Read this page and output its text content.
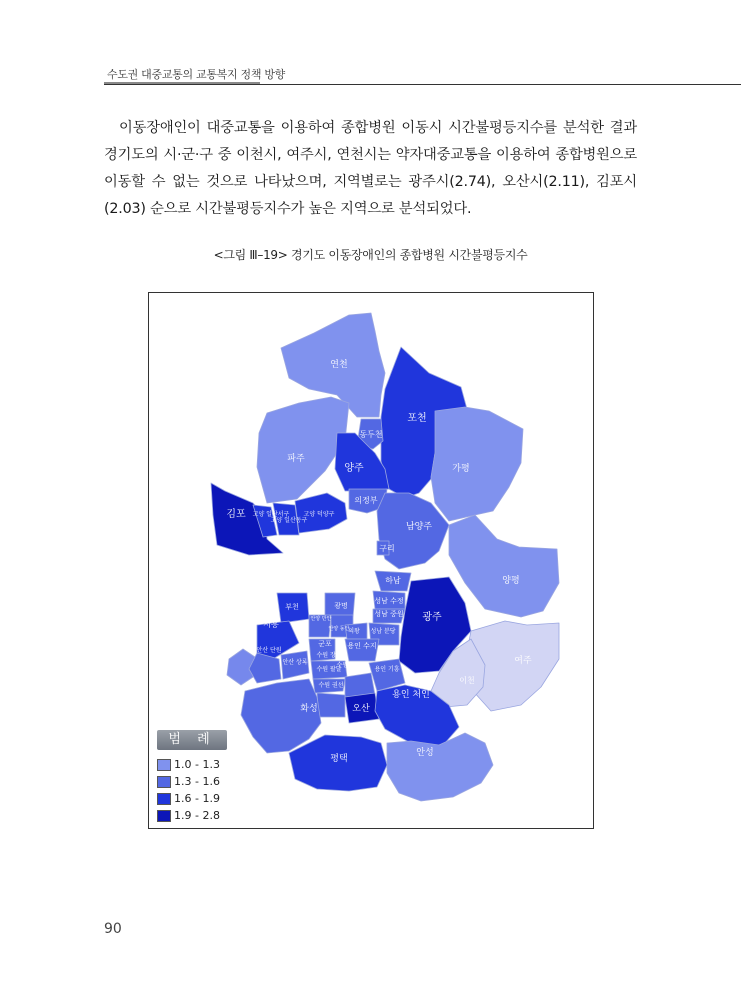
수도권 대중교통의 교통복지 정책 방향

이동장애인이 대중교통을 이용하여 종합병원 이동시 시간불평등지수를 분석한 결과 경기도의 시·군·구 중 이천시, 여주시, 연천시는 약자대중교통을 이용하여 종합병원으로 이동할 수 없는 것으로 나타났으며, 지역별로는 광주시(2.74), 오산시(2.11), 김포시(2.03) 순으로 시간불평등지수가 높은 지역으로 분석되었다.

<그림 Ⅲ–19> 경기도 이동장애인의 종합병원 시간불평등지수
연천
포천
동두천
파주
양주	가평
의정부
김포 고양 일산서구
고양 일산동구
고양 덕양구
남양주
구리
하남	양평
부천	광명
성남 수정
성남 중원 광주
시흥
안양 만안
안양 동안
의왕 성남 분당
안산 단원
안산 상록
군포 용인 수지
수원 장안
수원 팔달
수원 영통
수원 권선
용인 기흥
여주
이천
화성	오산
용인 처인
평택
안성
범 례
1.0 - 1.3
1.3 - 1.6
1.6 - 1.9
1.9 - 2.8
90
